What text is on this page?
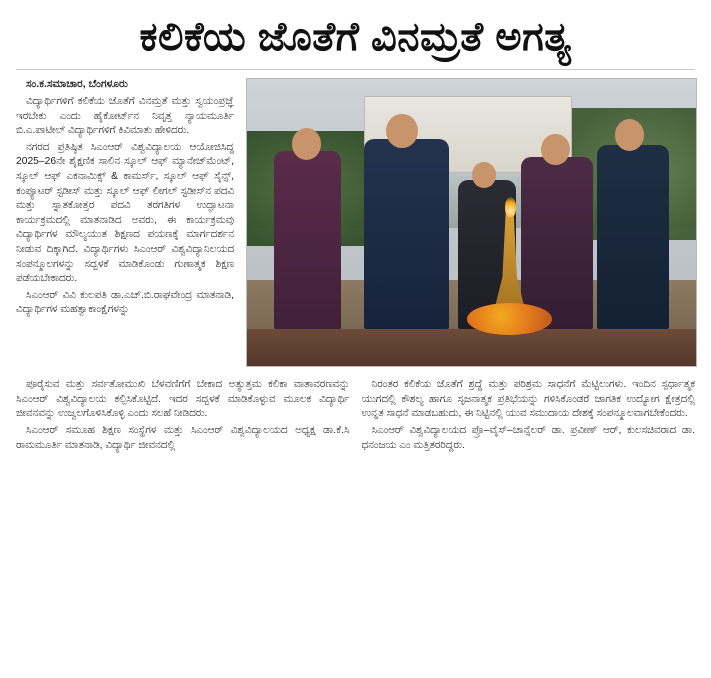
ಕಲಿಕೆಯ ಜೊತೆಗೆ ವಿನಮ್ರತೆ ಅಗತ್ಯ

ಸಂ.ಕ.ಸಮಾಚಾರ, ಬೆಂಗಳೂರು

ವಿದ್ಯಾರ್ಥಿಗಳಿಗೆ ಕಲಿಕೆಯ ಜೊತೆಗೆ ವಿನಮ್ರತೆ ಮತ್ತು ಸ್ವಯಂಪ್ರಜ್ಞೆ ಇರಬೇಕು ಎಂದು ಹೈಕೋರ್ಟ್‌ನ ನಿವೃತ್ತ ನ್ಯಾಯಮೂರ್ತಿ ಬಿ.ಎ.ಪಾಟೀಲ್ ವಿದ್ಯಾರ್ಥಿಗಳಿಗೆ ಕಿವಿಮಾತು ಹೇಳಿದರು.

ನಗರದ ಪ್ರತಿಷ್ಠಿತ ಸಿಎಂಆರ್ ವಿಶ್ವವಿದ್ಯಾಲಯ ಆಯೋಜಿಸಿದ್ದ 2025–26ನೇ ಶೈಕ್ಷಣಿಕ ಸಾಲಿನ ಸ್ಕೂಲ್ ಆಫ್ ಮ್ಯಾನೇಜ್‌ಮೆಂಟ್, ಸ್ಕೂಲ್ ಆಫ್ ಎಕನಾಮಿಕ್ಸ್ & ಕಾಮರ್ಸ್, ಸ್ಕೂಲ್ ಆಫ್ ಸೈನ್ಸ್, ಕಂಪ್ಯೂಟರ್ ಸ್ಟಡೀಸ್ ಮತ್ತು ಸ್ಕೂಲ್ ಆಫ್ ಲೀಗಲ್ ಸ್ಟಡೀಸ್‌ನ ಪದವಿ ಮತ್ತು ಸ್ನಾತಕೋತ್ತರ ಪದವಿ ತರಗತಿಗಳ ಉದ್ಘಾಟನಾ ಕಾರ್ಯಕ್ರಮದಲ್ಲಿ ಮಾತನಾಡಿದ ಅವರು, ಈ ಕಾರ್ಯಕ್ರಮವು ವಿದ್ಯಾರ್ಥಿಗಳ ಮೌಲ್ಯಯುತ ಶಿಕ್ಷಣದ ಪಯಣಕ್ಕೆ ಮಾರ್ಗದರ್ಶನ ನೀಡುವ ದಿಕ್ಕಾಗಿದೆ. ವಿದ್ಯಾರ್ಥಿಗಳು ಸಿಎಂಆರ್ ವಿಶ್ವವಿದ್ಯಾನಿಲಯದ ಸಂಪನ್ಮೂಲಗಳನ್ನು ಸದ್ಬಳಕೆ ಮಾಡಿಕೊಂಡು ಗುಣಾತ್ಮಕ ಶಿಕ್ಷಣ ಪಡೆಯಬೇಕಾದರು.

ಸಿಎಂಆರ್ ವಿವಿ ಕುಲಪತಿ ಡಾ.ಎಚ್.ಬಿ.ರಾಘವೇಂದ್ರ ಮಾತನಾಡಿ, ವಿದ್ಯಾರ್ಥಿಗಳ ಮಹತ್ವಾಕಾಂಕ್ಷೆಗಳನ್ನು

ಪೂರೈಸುವ ಮತ್ತು ಸರ್ವತೋಮುಖಿ ಬೆಳವಣಿಗೆಗೆ ಬೇಕಾದ ಅತ್ಯುತ್ತಮ ಕಲಿಕಾ ವಾತಾವರಣವನ್ನು ಸಿಎಂಆರ್ ವಿಶ್ವವಿದ್ಯಾಲಯ ಕಲ್ಪಿಸಿಕೊಟ್ಟಿದೆ. ಇದರ ಸದ್ಬಳಕೆ ಮಾಡಿಕೊಳ್ಳುವ ಮೂಲಕ ವಿದ್ಯಾರ್ಥಿ ಜೀವನವನ್ನು ಉಜ್ವಲಗೊಳಿಸಿಕೊಳ್ಳಿ ಎಂದು ಸಲಹೆ ನೀಡಿದರು.

ಸಿಎಂಆರ್ ಸಮೂಹ ಶಿಕ್ಷಣ ಸಂಸ್ಥೆಗಳ ಮತ್ತು ಸಿಎಂಆರ್ ವಿಶ್ವವಿದ್ಯಾಲಯದ ಅಧ್ಯಕ್ಷ ಡಾ.ಕೆ.ಸಿ ರಾಮಮೂರ್ತಿ ಮಾತನಾಡಿ, ವಿದ್ಯಾರ್ಥಿ ಜೀವನದಲ್ಲಿ

ನಿರಂತರ ಕಲಿಕೆಯ ಜೊತೆಗೆ ಶ್ರದ್ಧೆ ಮತ್ತು ಪರಿಶ್ರಮ ಸಾಧನೆಗೆ ಮೆಟ್ಟಿಲುಗಳು. ಇಂದಿನ ಸ್ಪರ್ಧಾತ್ಮಕ ಯುಗದಲ್ಲಿ ಕೌಶಲ್ಯ ಹಾಗೂ ಸೃಜನಾತ್ಮಕ ಪ್ರತಿಭೆಯನ್ನು ಗಳಿಸಿಕೊಂಡರೆ ಜಾಗತಿಕ ಉದ್ಯೋಗ ಕ್ಷೇತ್ರದಲ್ಲಿ ಉನ್ನತ ಸಾಧನೆ ಮಾಡಬಹುದು, ಈ ನಿಟ್ಟಿನಲ್ಲಿ ಯುವ ಸಮುದಾಯ ದೇಶಕ್ಕೆ ಸಂಪನ್ಮೂಲವಾಗಬೇಕೆಂದರು.

ಸಿಎಂಆರ್ ವಿಶ್ವವಿದ್ಯಾಲಯದ ಪ್ರೊ–ವೈಸ್–ಚಾನ್ಸೆಲರ್ ಡಾ. ಪ್ರವೀಣ್ ಆರ್, ಕುಲಸಚಿವರಾದ ಡಾ. ಧನಂಜಯ ಎಂ ಮತ್ತಿತರರಿದ್ದರು.
